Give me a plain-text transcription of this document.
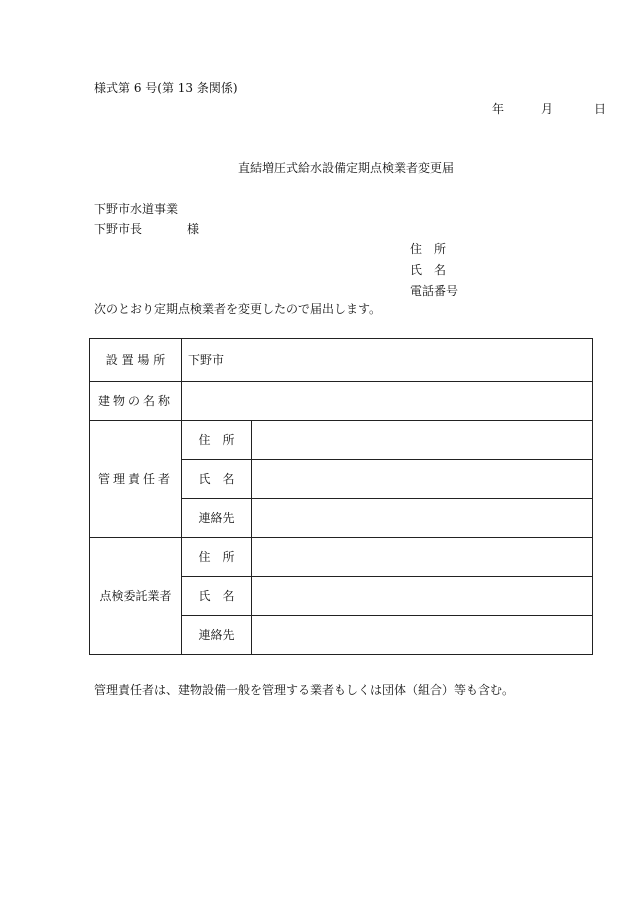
様式第 6 号(第 13 条関係)
年	月	日
直結増圧式給水設備定期点検業者変更届
下野市水道事業
下野市長	様
住　所
氏　名
電話番号
次のとおり定期点検業者を変更したので届出します。
設 置 場 所	下野市	
建物の名称		
管理責任者	住　所	
	氏　名	
	連絡先	
点検委託業者	住　所	
	氏　名	
	連絡先	
管理責任者は、建物設備一般を管理する業者もしくは団体（組合）等も含む。
